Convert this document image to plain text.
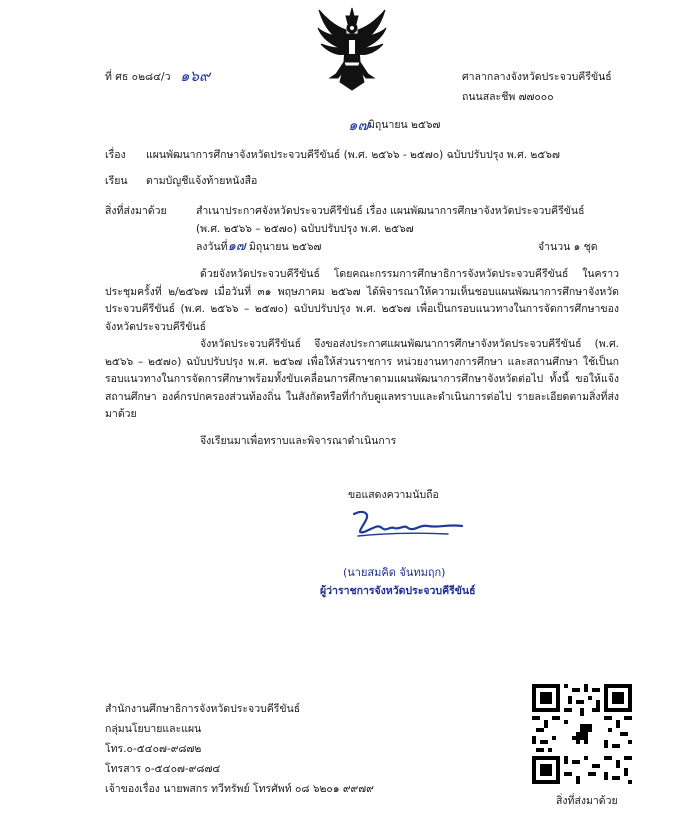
ที่ ศธ ๐๒๘๔/ว ๑๖๙	ศาลากลางจังหวัดประจวบคีรีขันธ์
ถนนสละชีพ ๗๗๐๐๐
๑๗ มิถุนายน ๒๕๖๗
เรื่อง แผนพัฒนาการศึกษาจังหวัดประจวบคีรีขันธ์ (พ.ศ. ๒๕๖๖ - ๒๕๗๐) ฉบับปรับปรุง พ.ศ. ๒๕๖๗
เรียน ตามบัญชีแจ้งท้ายหนังสือ
สิ่งที่ส่งมาด้วย	สำเนาประกาศจังหวัดประจวบคีรีขันธ์ เรื่อง แผนพัฒนาการศึกษาจังหวัดประจวบคีรีขันธ์
(พ.ศ. ๒๕๖๖ – ๒๕๗๐) ฉบับปรับปรุง พ.ศ. ๒๕๖๗
ลงวันที่๑๗ มิถุนายน ๒๕๖๗	จำนวน ๑ ชุด
ด้วยจังหวัดประจวบคีรีขันธ์ โดยคณะกรรมการศึกษาธิการจังหวัดประจวบคีรีขันธ์ ในคราวประชุมครั้งที่ ๒/๒๕๖๗ เมื่อวันที่ ๓๑ พฤษภาคม ๒๕๖๗ ได้พิจารณาให้ความเห็นชอบแผนพัฒนาการศึกษาจังหวัดประจวบคีรีขันธ์ (พ.ศ. ๒๕๖๖ – ๒๕๗๐) ฉบับปรับปรุง พ.ศ. ๒๕๖๗ เพื่อเป็นกรอบแนวทางในการจัดการศึกษาของจังหวัดประจวบคีรีขันธ์
จังหวัดประจวบคีรีขันธ์ จึงขอส่งประกาศแผนพัฒนาการศึกษาจังหวัดประจวบคีรีขันธ์ (พ.ศ. ๒๕๖๖ – ๒๕๗๐) ฉบับปรับปรุง พ.ศ. ๒๕๖๗ เพื่อให้ส่วนราชการ หน่วยงานทางการศึกษา และสถานศึกษา ใช้เป็นกรอบแนวทางในการจัดการศึกษาพร้อมทั้งขับเคลื่อนการศึกษาตามแผนพัฒนาการศึกษาจังหวัดต่อไป ทั้งนี้ ขอให้แจ้งสถานศึกษา องค์กรปกครองส่วนท้องถิ่น ในสังกัดหรือที่กำกับดูแลทราบและดำเนินการต่อไป รายละเอียดตามสิ่งที่ส่งมาด้วย
จึงเรียนมาเพื่อทราบและพิจารณาดำเนินการ
ขอแสดงความนับถือ
(นายสมคิด จันทมฤก)
ผู้ว่าราชการจังหวัดประจวบคีรีขันธ์
สำนักงานศึกษาธิการจังหวัดประจวบคีรีขันธ์
กลุ่มนโยบายและแผน
โทร.๐-๕๔๐๗-๙๘๗๒
โทรสาร ๐-๕๔๐๗-๙๘๗๔
เจ้าของเรื่อง นายพสกร ทวีทรัพย์ โทรศัพท์ ๐๘ ๖๒๐๑ ๙๙๗๙
สิ่งที่ส่งมาด้วย
